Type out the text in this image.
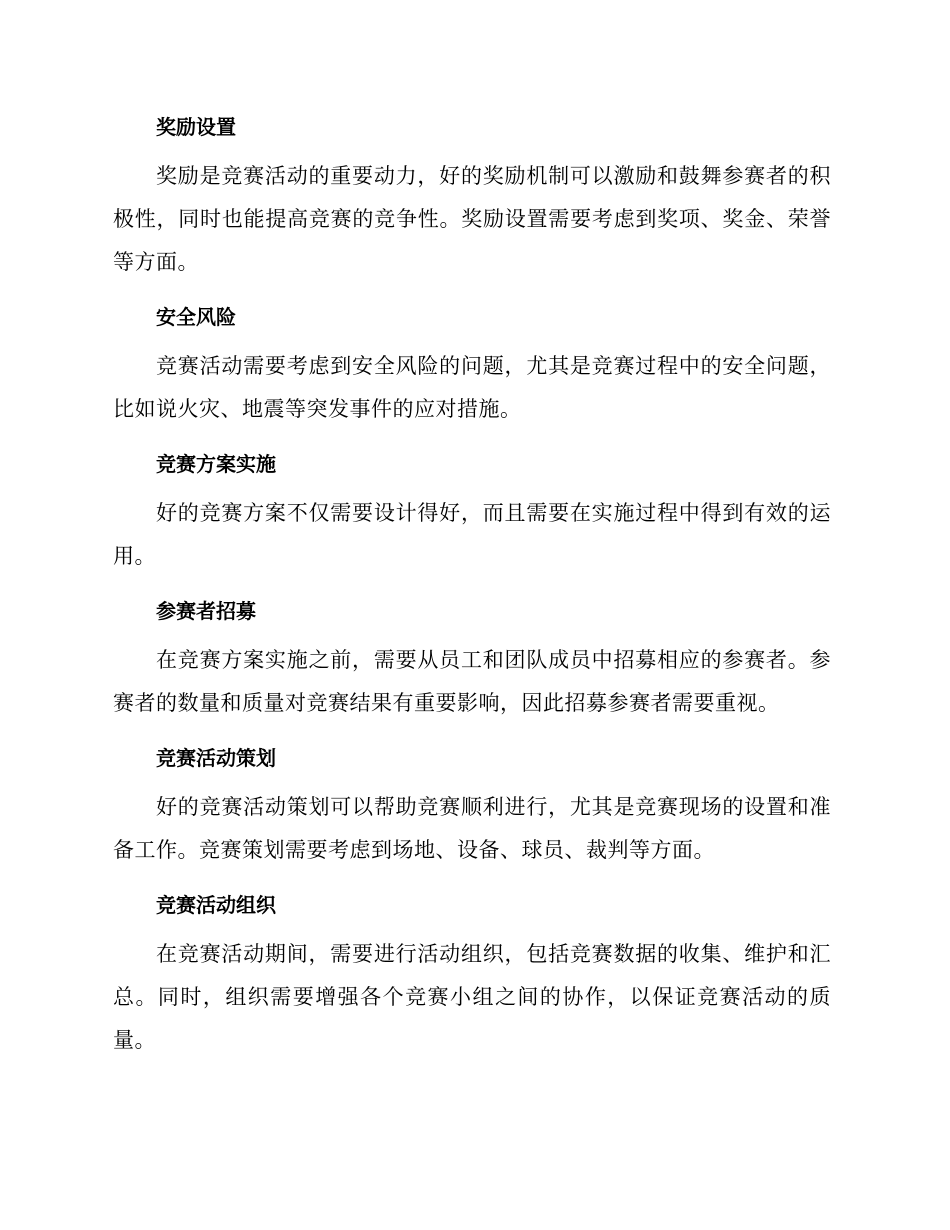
奖励设置

奖励是竞赛活动的重要动力，好的奖励机制可以激励和鼓舞参赛者的积极性，同时也能提高竞赛的竞争性。奖励设置需要考虑到奖项、奖金、荣誉等方面。

安全风险

竞赛活动需要考虑到安全风险的问题，尤其是竞赛过程中的安全问题，比如说火灾、地震等突发事件的应对措施。

竞赛方案实施

好的竞赛方案不仅需要设计得好，而且需要在实施过程中得到有效的运用。

参赛者招募

在竞赛方案实施之前，需要从员工和团队成员中招募相应的参赛者。参赛者的数量和质量对竞赛结果有重要影响，因此招募参赛者需要重视。

竞赛活动策划

好的竞赛活动策划可以帮助竞赛顺利进行，尤其是竞赛现场的设置和准备工作。竞赛策划需要考虑到场地、设备、球员、裁判等方面。

竞赛活动组织

在竞赛活动期间，需要进行活动组织，包括竞赛数据的收集、维护和汇总。同时，组织需要增强各个竞赛小组之间的协作，以保证竞赛活动的质量。
